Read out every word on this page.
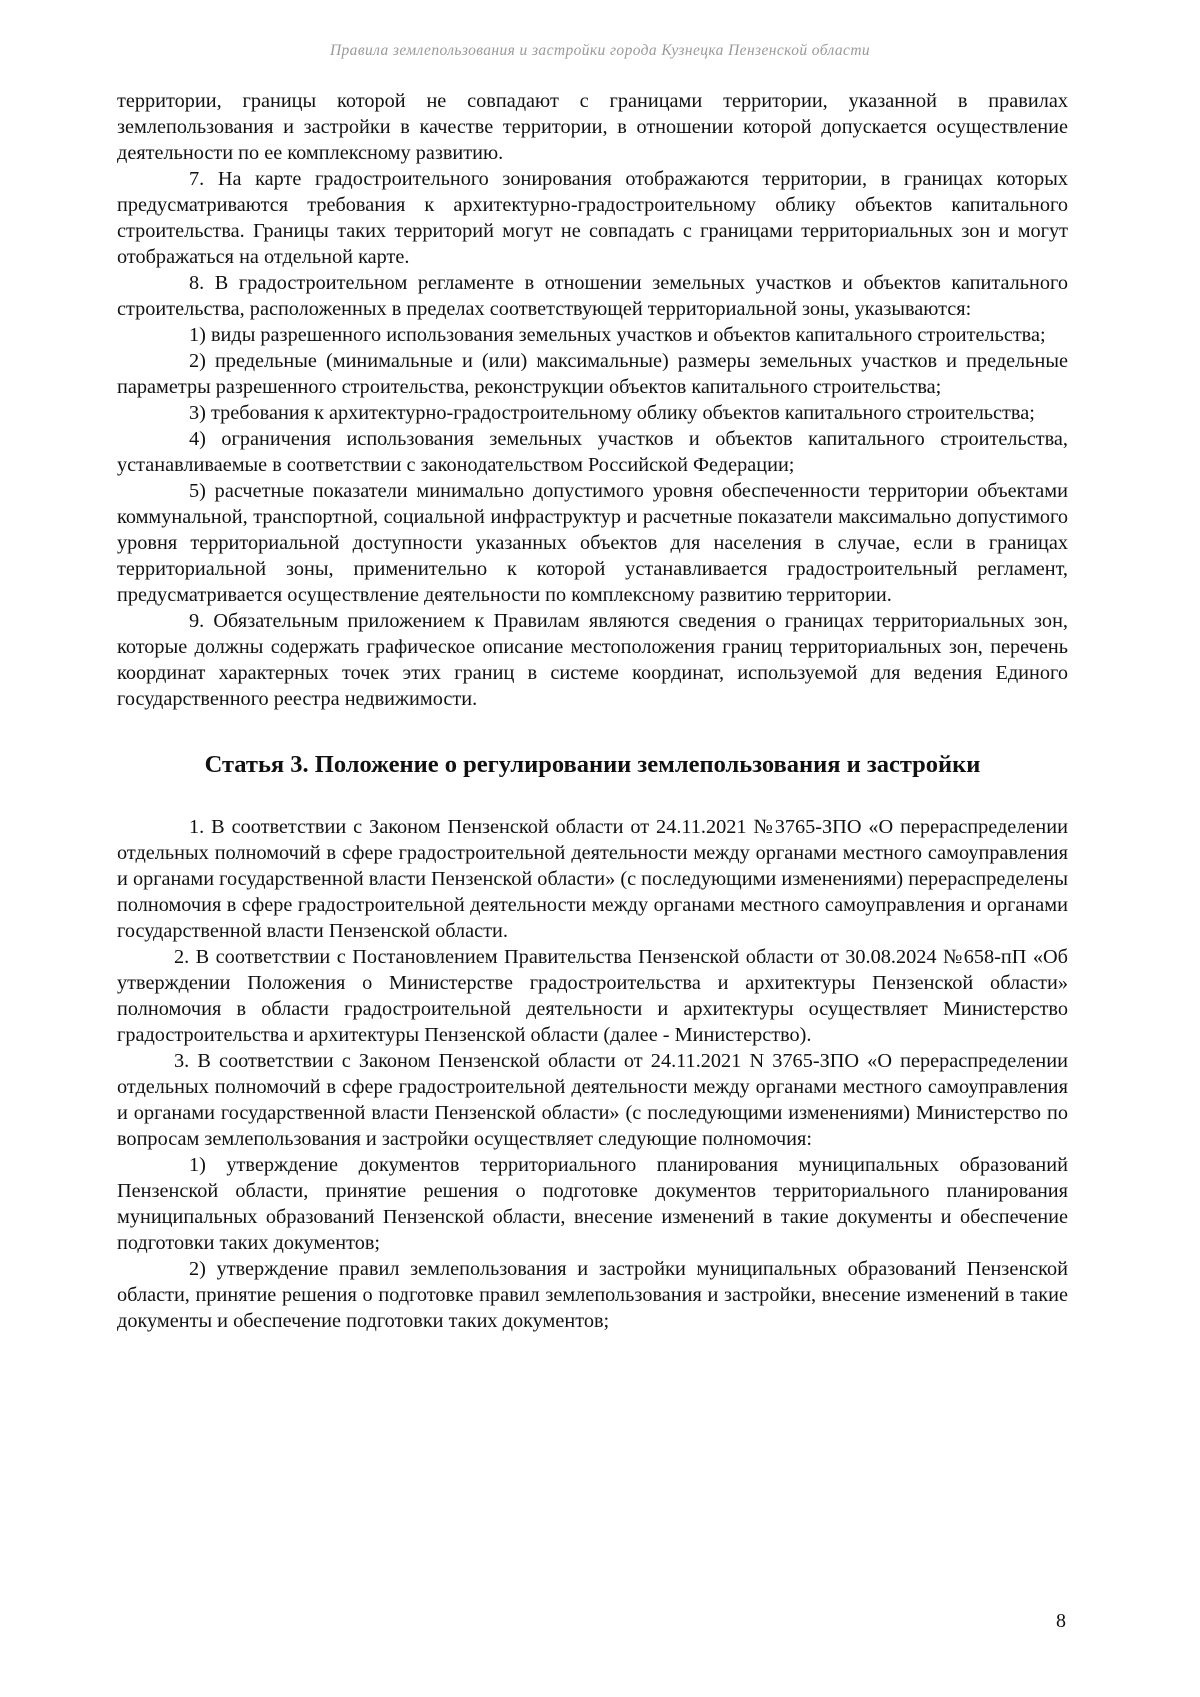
Правила землепользования и застройки города Кузнецка Пензенской области

территории, границы которой не совпадают с границами территории, указанной в правилах землепользования и застройки в качестве территории, в отношении которой допускается осуществление деятельности по ее комплексному развитию.

7. На карте градостроительного зонирования отображаются территории, в границах которых предусматриваются требования к архитектурно-градостроительному облику объектов капитального строительства. Границы таких территорий могут не совпадать с границами территориальных зон и могут отображаться на отдельной карте.

8. В градостроительном регламенте в отношении земельных участков и объектов капитального строительства, расположенных в пределах соответствующей территориальной зоны, указываются:

1) виды разрешенного использования земельных участков и объектов капитального строительства;

2) предельные (минимальные и (или) максимальные) размеры земельных участков и предельные параметры разрешенного строительства, реконструкции объектов капитального строительства;

3) требования к архитектурно-градостроительному облику объектов капитального строительства;

4) ограничения использования земельных участков и объектов капитального строительства, устанавливаемые в соответствии с законодательством Российской Федерации;

5) расчетные показатели минимально допустимого уровня обеспеченности территории объектами коммунальной, транспортной, социальной инфраструктур и расчетные показатели максимально допустимого уровня территориальной доступности указанных объектов для населения в случае, если в границах территориальной зоны, применительно к которой устанавливается градостроительный регламент, предусматривается осуществление деятельности по комплексному развитию территории.

9. Обязательным приложением к Правилам являются сведения о границах территориальных зон, которые должны содержать графическое описание местоположения границ территориальных зон, перечень координат характерных точек этих границ в системе координат, используемой для ведения Единого государственного реестра недвижимости.

Статья 3. Положение о регулировании землепользования и застройки

1. В соответствии с Законом Пензенской области от 24.11.2021 №3765-ЗПО «О перераспределении отдельных полномочий в сфере градостроительной деятельности между органами местного самоуправления и органами государственной власти Пензенской области» (с последующими изменениями) перераспределены полномочия в сфере градостроительной деятельности между органами местного самоуправления и органами государственной власти Пензенской области.

2. В соответствии с Постановлением Правительства Пензенской области от 30.08.2024 №658-пП «Об утверждении Положения о Министерстве градостроительства и архитектуры Пензенской области» полномочия в области градостроительной деятельности и архитектуры осуществляет Министерство градостроительства и архитектуры Пензенской области (далее - Министерство).

3. В соответствии с Законом Пензенской области от 24.11.2021 N 3765-ЗПО «О перераспределении отдельных полномочий в сфере градостроительной деятельности между органами местного самоуправления и органами государственной власти Пензенской области» (с последующими изменениями) Министерство по вопросам землепользования и застройки осуществляет следующие полномочия:

1) утверждение документов территориального планирования муниципальных образований Пензенской области, принятие решения о подготовке документов территориального планирования муниципальных образований Пензенской области, внесение изменений в такие документы и обеспечение подготовки таких документов;

2) утверждение правил землепользования и застройки муниципальных образований Пензенской области, принятие решения о подготовке правил землепользования и застройки, внесение изменений в такие документы и обеспечение подготовки таких документов;

8
